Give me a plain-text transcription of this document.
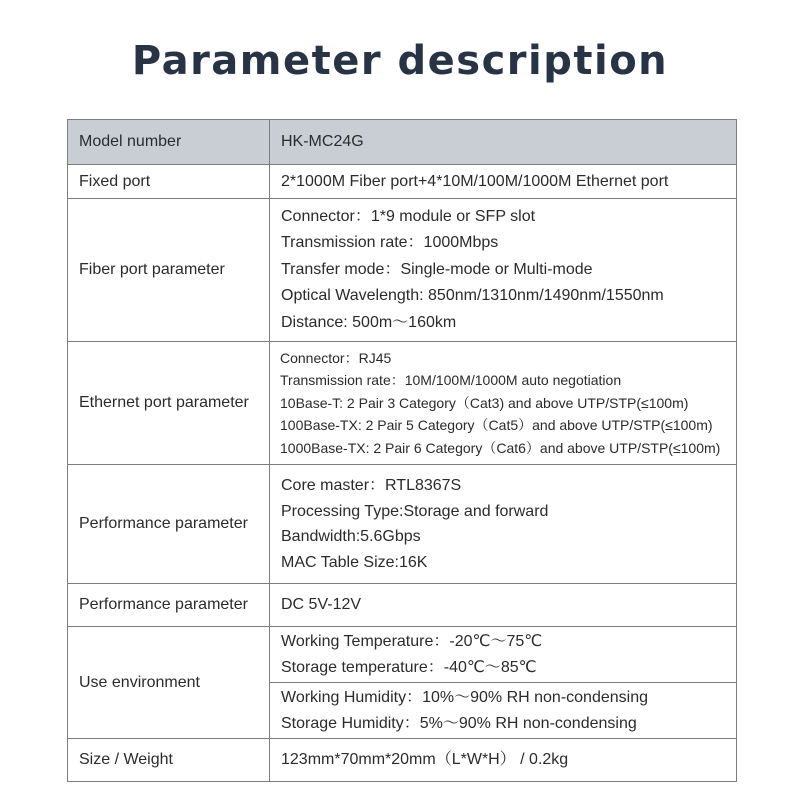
Parameter description
Model number	HK-MC24G
Fixed port	2*1000M Fiber port+4*10M/100M/1000M Ethernet port
Fiber port parameter	Connector：1*9 module or SFP slot
Transmission rate：1000Mbps
Transfer mode：Single-mode or Multi-mode
Optical Wavelength: 850nm/1310nm/1490nm/1550nm
Distance: 500m～160km

Ethernet port parameter	Connector：RJ45
Transmission rate：10M/100M/1000M auto negotiation
10Base-T: 2 Pair 3 Category（Cat3) and above UTP/STP(≤100m)
100Base-TX: 2 Pair 5 Category（Cat5）and above UTP/STP(≤100m)
1000Base-TX: 2 Pair 6 Category（Cat6）and above UTP/STP(≤100m)

Performance parameter	Core master：RTL8367S
Processing Type:Storage and forward
Bandwidth:5.6Gbps
MAC Table Size:16K

Performance parameter	DC 5V-12V
Use environment	Working Temperature：-20℃～75℃
Storage temperature：-40℃～85℃

	Working Humidity：10%～90% RH non-condensing
Storage Humidity：5%～90% RH non-condensing

Size / Weight	123mm*70mm*20mm（L*W*H） / 0.2kg
